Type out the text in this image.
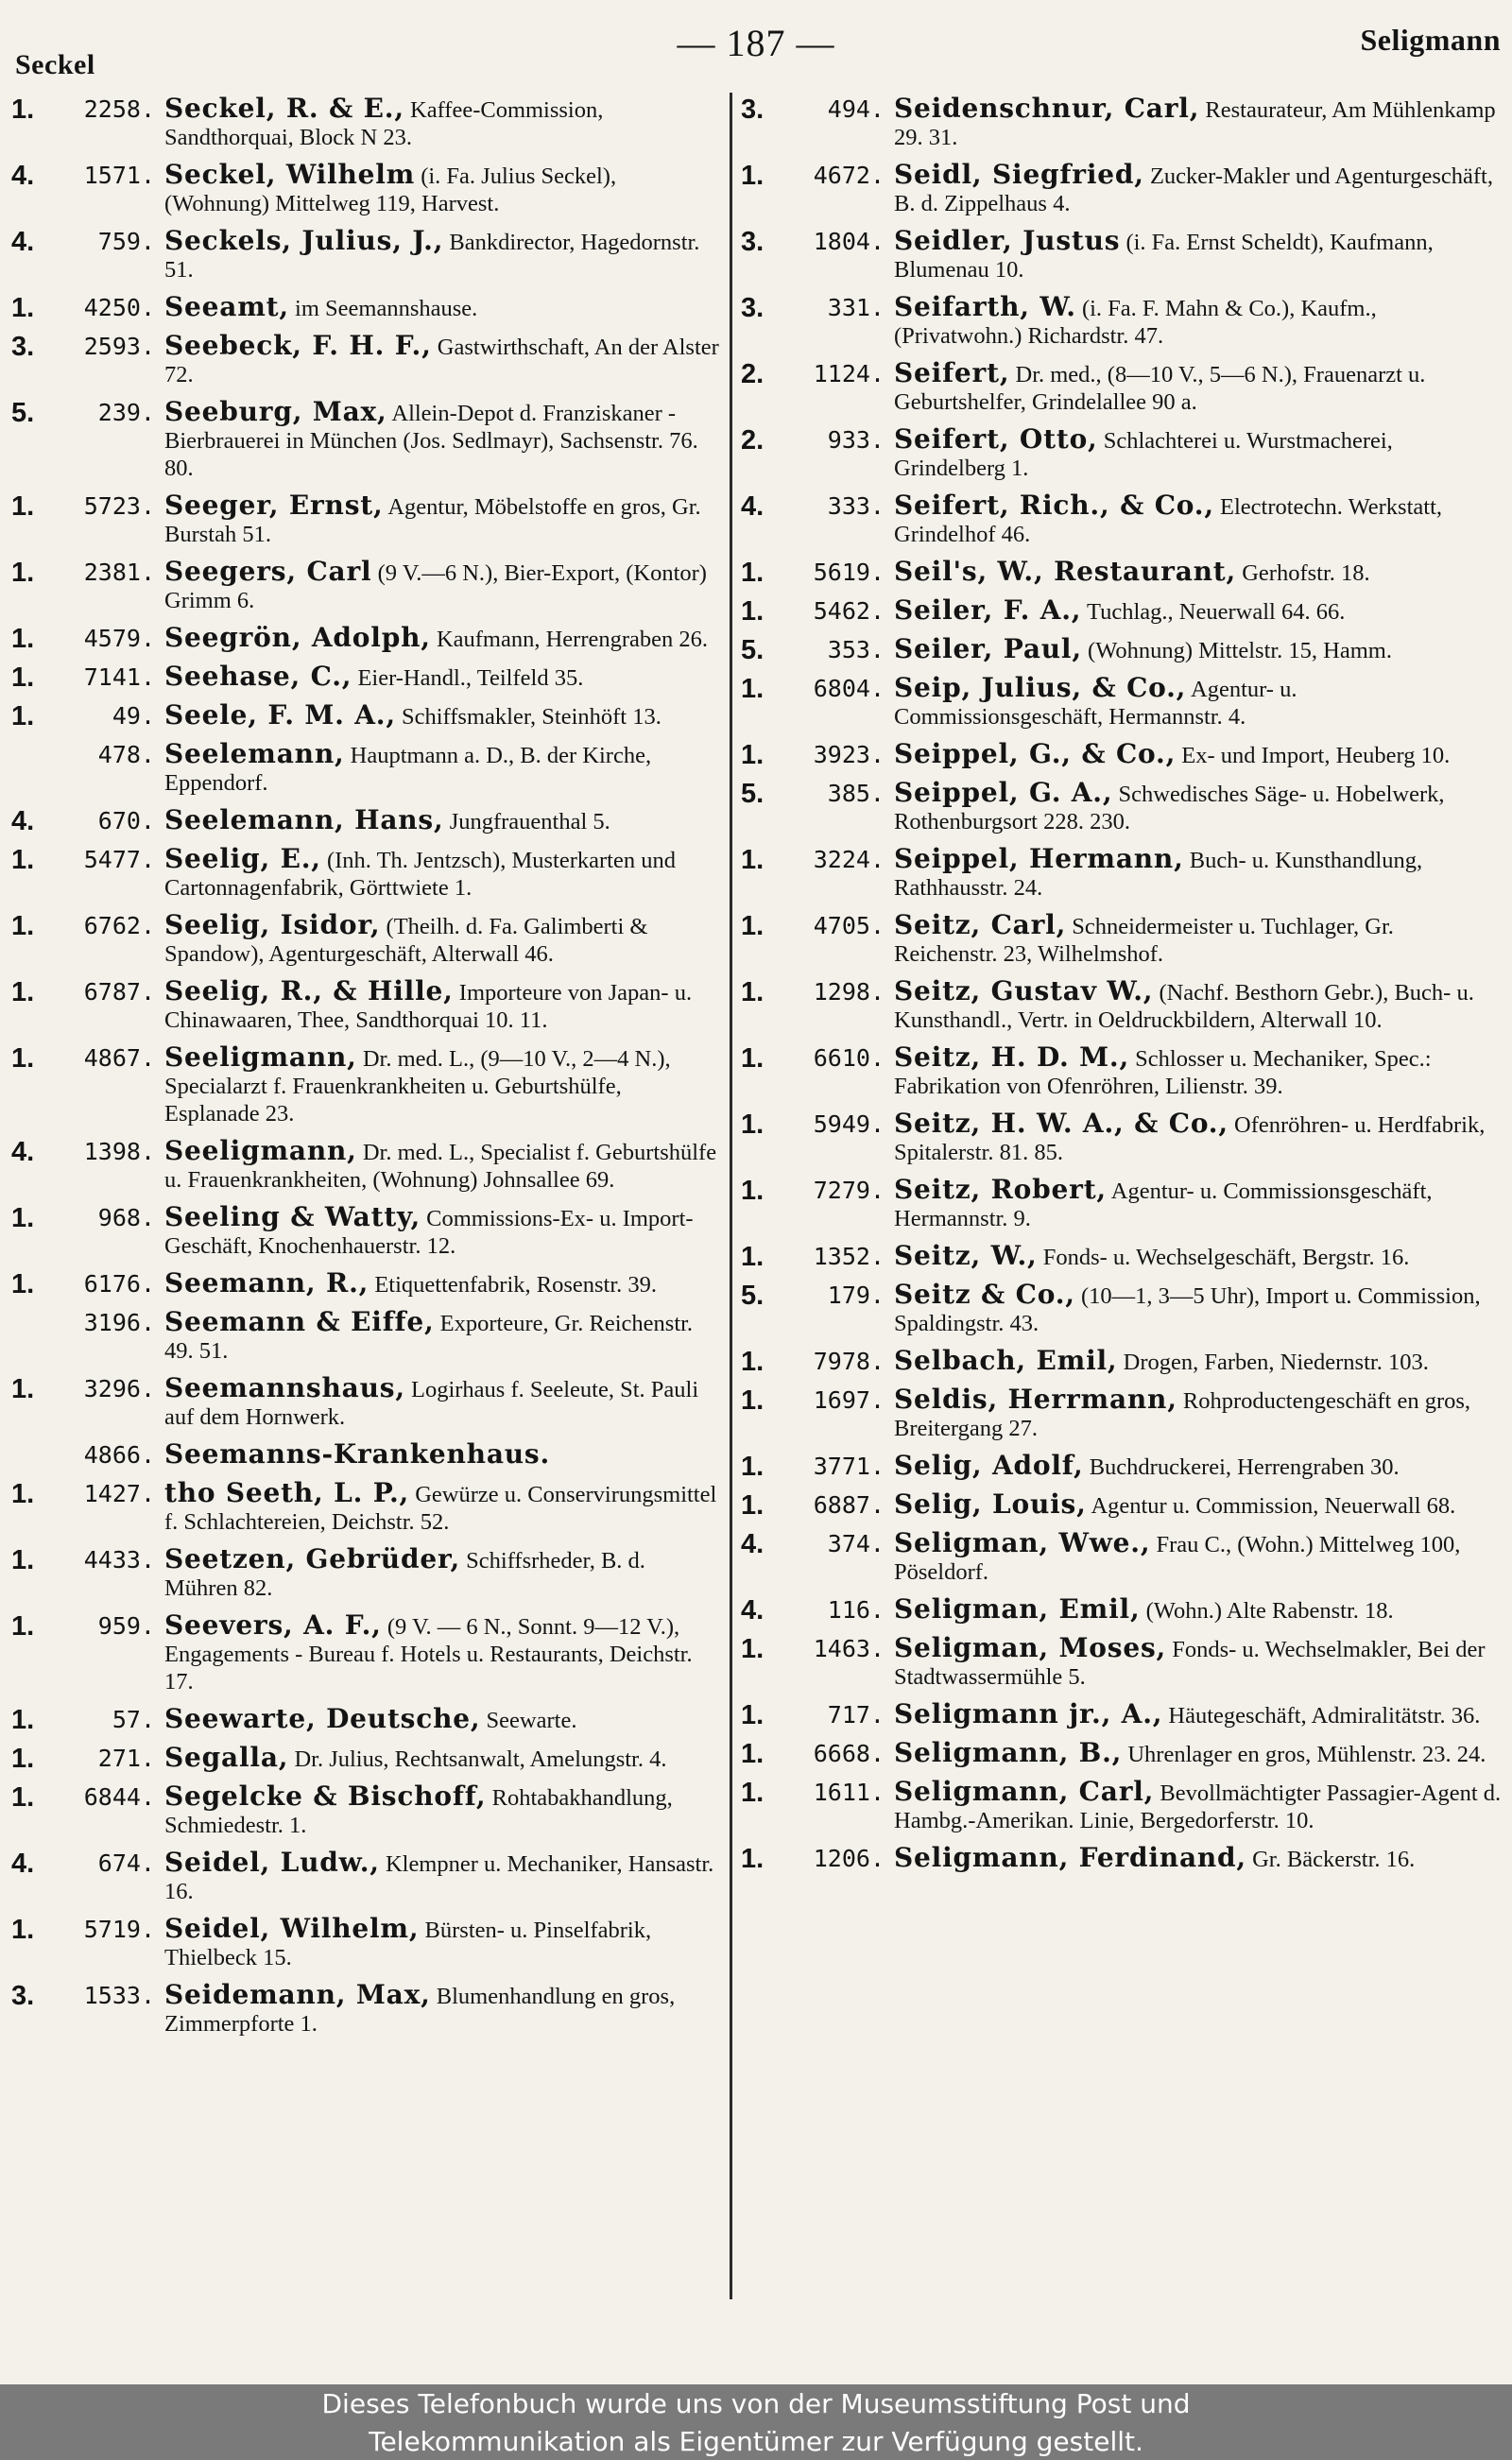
Seckel
— 187 —	Seligmann
1.	2258. Seckel, R. & E., Kaffee-Commission, Sandthorquai, Block N 23.
4.	1571. Seckel, Wilhelm (i. Fa. Julius Seckel), (Wohnung) Mittelweg 119, Harvest.
4.	759. Seckels, Julius, J., Bankdirector, Hagedornstr. 51.
1.	4250. Seeamt, im Seemannshause.
3.	2593. Seebeck, F. H. F., Gastwirthschaft, An der Alster 72.
5.	239. Seeburg, Max, Allein-Depot d. Franziskaner - Bierbrauerei in München (Jos. Sedlmayr), Sachsenstr. 76. 80.
1.	5723. Seeger, Ernst, Agentur, Möbelstoffe en gros, Gr. Burstah 51.
1.	2381. Seegers, Carl (9 V.—6 N.), Bier-Export, (Kontor) Grimm 6.
1.	4579. Seegrön, Adolph, Kaufmann, Herrengraben 26.
1.	7141. Seehase, C., Eier-Handl., Teilfeld 35.
1.	49. Seele, F. M. A., Schiffsmakler, Steinhöft 13.
478. Seelemann, Hauptmann a. D., B. der Kirche, Eppendorf.
4.	670. Seelemann, Hans, Jungfrauenthal 5.
1.	5477. Seelig, E., (Inh. Th. Jentzsch), Musterkarten und Cartonnagenfabrik, Görttwiete 1.
1.	6762. Seelig, Isidor, (Theilh. d. Fa. Galimberti & Spandow), Agenturgeschäft, Alterwall 46.
1.	6787. Seelig, R., & Hille, Importeure von Japan- u. Chinawaaren, Thee, Sandthorquai 10. 11.
1.	4867. Seeligmann, Dr. med. L., (9—10 V., 2—4 N.), Specialarzt f. Frauenkrankheiten u. Geburtshülfe, Esplanade 23.
4.	1398. Seeligmann, Dr. med. L., Specialist f. Geburtshülfe u. Frauenkrankheiten, (Wohnung) Johnsallee 69.
1.	968. Seeling & Watty, Commissions-Ex- u. Import-Geschäft, Knochenhauerstr. 12.
1.	6176. Seemann, R., Etiquettenfabrik, Rosenstr. 39.
3196. Seemann & Eiffe, Exporteure, Gr. Reichenstr. 49. 51.
1.	3296. Seemannshaus, Logirhaus f. Seeleute, St. Pauli auf dem Hornwerk.
4866. Seemanns-Krankenhaus.
1.	1427. tho Seeth, L. P., Gewürze u. Conservirungsmittel f. Schlachtereien, Deichstr. 52.
1.	4433. Seetzen, Gebrüder, Schiffsrheder, B. d. Mühren 82.
1.	959. Seevers, A. F., (9 V. — 6 N., Sonnt. 9—12 V.), Engagements - Bureau f. Hotels u. Restaurants, Deichstr. 17.
1.	57. Seewarte, Deutsche, Seewarte.
1.	271. Segalla, Dr. Julius, Rechtsanwalt, Amelungstr. 4.
1.	6844. Segelcke & Bischoff, Rohtabakhandlung, Schmiedestr. 1.
4.	674. Seidel, Ludw., Klempner u. Mechaniker, Hansastr. 16.
1.	5719. Seidel, Wilhelm, Bürsten- u. Pinselfabrik, Thielbeck 15.
3.	1533. Seidemann, Max, Blumenhandlung en gros, Zimmerpforte 1.
3.	494. Seidenschnur, Carl, Restaurateur, Am Mühlenkamp 29. 31.
1.	4672. Seidl, Siegfried, Zucker-Makler und Agenturgeschäft, B. d. Zippelhaus 4.
3.	1804. Seidler, Justus (i. Fa. Ernst Scheldt), Kaufmann, Blumenau 10.
3.	331. Seifarth, W. (i. Fa. F. Mahn & Co.), Kaufm., (Privatwohn.) Richardstr. 47.
2.	1124. Seifert, Dr. med., (8—10 V., 5—6 N.), Frauenarzt u. Geburtshelfer, Grindelallee 90 a.
2.	933. Seifert, Otto, Schlachterei u. Wurstmacherei, Grindelberg 1.
4.	333. Seifert, Rich., & Co., Electrotechn. Werkstatt, Grindelhof 46.
1.	5619. Seil's, W., Restaurant, Gerhofstr. 18.
1.	5462. Seiler, F. A., Tuchlag., Neuerwall 64. 66.
5.	353. Seiler, Paul, (Wohnung) Mittelstr. 15, Hamm.
1.	6804. Seip, Julius, & Co., Agentur- u. Commissionsgeschäft, Hermannstr. 4.
1.	3923. Seippel, G., & Co., Ex- und Import, Heuberg 10.
5.	385. Seippel, G. A., Schwedisches Säge- u. Hobelwerk, Rothenburgsort 228. 230.
1.	3224. Seippel, Hermann, Buch- u. Kunsthandlung, Rathhausstr. 24.
1.	4705. Seitz, Carl, Schneidermeister u. Tuchlager, Gr. Reichenstr. 23, Wilhelmshof.
1.	1298. Seitz, Gustav W., (Nachf. Besthorn Gebr.), Buch- u. Kunsthandl., Vertr. in Oeldruckbildern, Alterwall 10.
1.	6610. Seitz, H. D. M., Schlosser u. Mechaniker, Spec.: Fabrikation von Ofenröhren, Lilienstr. 39.
1.	5949. Seitz, H. W. A., & Co., Ofenröhren- u. Herdfabrik, Spitalerstr. 81. 85.
1.	7279. Seitz, Robert, Agentur- u. Commissionsgeschäft, Hermannstr. 9.
1.	1352. Seitz, W., Fonds- u. Wechselgeschäft, Bergstr. 16.
5.	179. Seitz & Co., (10—1, 3—5 Uhr), Import u. Commission, Spaldingstr. 43.
1.	7978. Selbach, Emil, Drogen, Farben, Niedernstr. 103.
1.	1697. Seldis, Herrmann, Rohproductengeschäft en gros, Breitergang 27.
1.	3771. Selig, Adolf, Buchdruckerei, Herrengraben 30.
1.	6887. Selig, Louis, Agentur u. Commission, Neuerwall 68.
4.	374. Seligman, Wwe., Frau C., (Wohn.) Mittelweg 100, Pöseldorf.
4.	116. Seligman, Emil, (Wohn.) Alte Rabenstr. 18.
1.	1463. Seligman, Moses, Fonds- u. Wechselmakler, Bei der Stadtwassermühle 5.
1.	717. Seligmann jr., A., Häutegeschäft, Admiralitätstr. 36.
1.	6668. Seligmann, B., Uhrenlager en gros, Mühlenstr. 23. 24.
1.	1611. Seligmann, Carl, Bevollmächtigter Passagier-Agent d. Hambg.-Amerikan. Linie, Bergedorferstr. 10.
1.	1206. Seligmann, Ferdinand, Gr. Bäckerstr. 16.
Dieses Telefonbuch wurde uns von der Museumsstiftung Post und
Telekommunikation als Eigentümer zur Verfügung gestellt.
